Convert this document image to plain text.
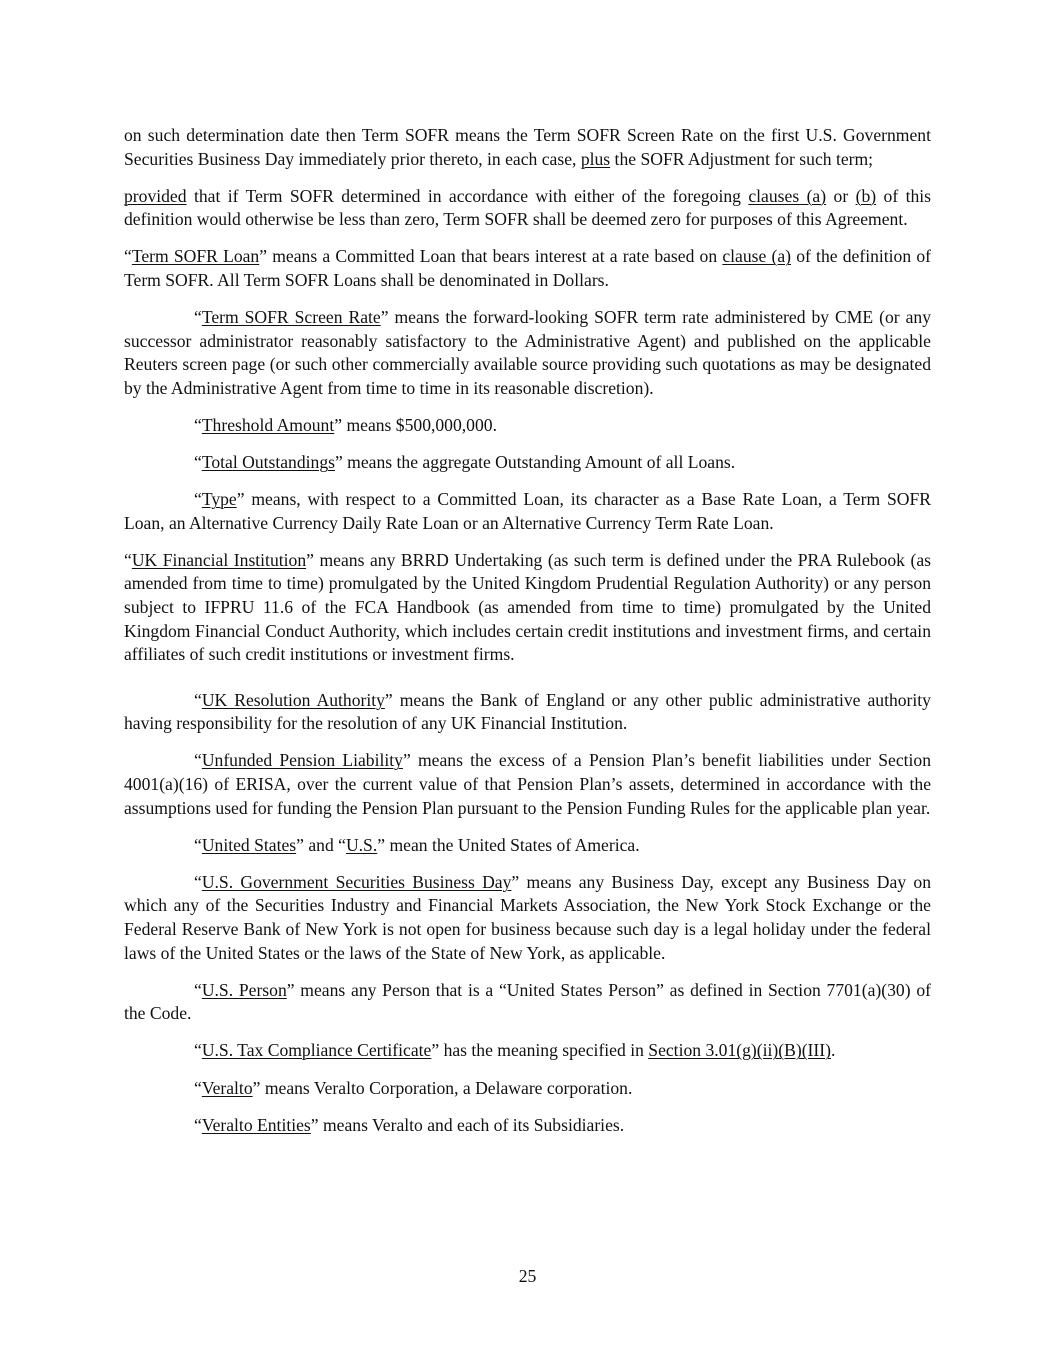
on such determination date then Term SOFR means the Term SOFR Screen Rate on the first U.S. Government Securities Business Day immediately prior thereto, in each case, plus the SOFR Adjustment for such term;

provided that if Term SOFR determined in accordance with either of the foregoing clauses (a) or (b) of this definition would otherwise be less than zero, Term SOFR shall be deemed zero for purposes of this Agreement.

“Term SOFR Loan” means a Committed Loan that bears interest at a rate based on clause (a) of the definition of Term SOFR. All Term SOFR Loans shall be denominated in Dollars.

“Term SOFR Screen Rate” means the forward-looking SOFR term rate administered by CME (or any successor administrator reasonably satisfactory to the Administrative Agent) and published on the applicable Reuters screen page (or such other commercially available source providing such quotations as may be designated by the Administrative Agent from time to time in its reasonable discretion).

“Threshold Amount” means $500,000,000.

“Total Outstandings” means the aggregate Outstanding Amount of all Loans.

“Type” means, with respect to a Committed Loan, its character as a Base Rate Loan, a Term SOFR Loan, an Alternative Currency Daily Rate Loan or an Alternative Currency Term Rate Loan.

“UK Financial Institution” means any BRRD Undertaking (as such term is defined under the PRA Rulebook (as amended from time to time) promulgated by the United Kingdom Prudential Regulation Authority) or any person subject to IFPRU 11.6 of the FCA Handbook (as amended from time to time) promulgated by the United Kingdom Financial Conduct Authority, which includes certain credit institutions and investment firms, and certain affiliates of such credit institutions or investment firms.

“UK Resolution Authority” means the Bank of England or any other public administrative authority having responsibility for the resolution of any UK Financial Institution.

“Unfunded Pension Liability” means the excess of a Pension Plan’s benefit liabilities under Section 4001(a)(16) of ERISA, over the current value of that Pension Plan’s assets, determined in accordance with the assumptions used for funding the Pension Plan pursuant to the Pension Funding Rules for the applicable plan year.

“United States” and “U.S.” mean the United States of America.

“U.S. Government Securities Business Day” means any Business Day, except any Business Day on which any of the Securities Industry and Financial Markets Association, the New York Stock Exchange or the Federal Reserve Bank of New York is not open for business because such day is a legal holiday under the federal laws of the United States or the laws of the State of New York, as applicable.

“U.S. Person” means any Person that is a “United States Person” as defined in Section 7701(a)(30) of the Code.

“U.S. Tax Compliance Certificate” has the meaning specified in Section 3.01(g)(ii)(B)(III).

“Veralto” means Veralto Corporation, a Delaware corporation.

“Veralto Entities” means Veralto and each of its Subsidiaries.

25
